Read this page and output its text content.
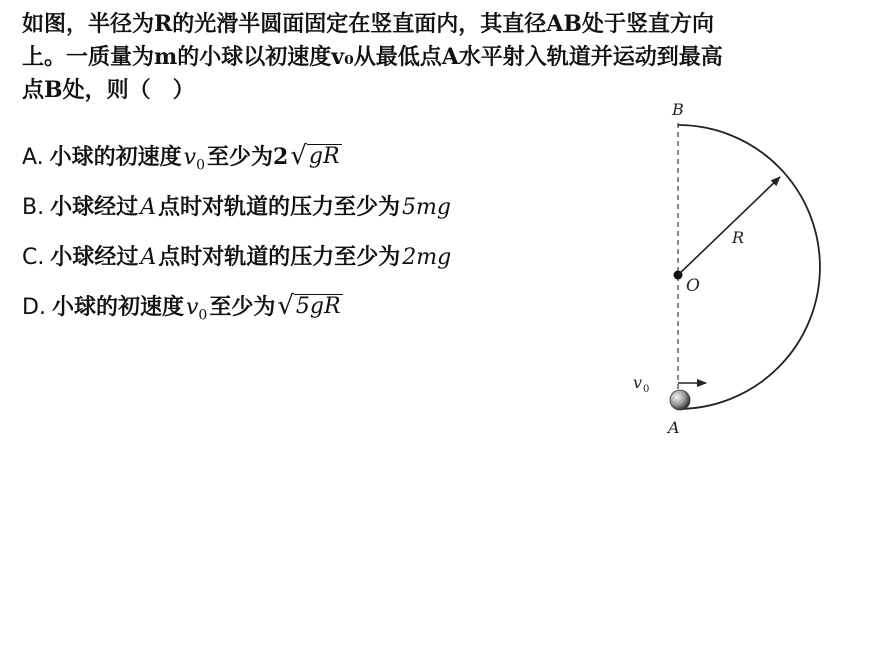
如图，半径为R的光滑半圆面固定在竖直面内，其直径AB处于竖直方向
上。一质量为m的小球以初速度v₀从最低点A水平射入轨道并运动到最高
点B处，则（　）
A. 小球的初速度 $v_0$ 至少为2 √ gR
B. 小球经过 A 点时对轨道的压力至少为 5mg
C. 小球经过 A 点时对轨道的压力至少为 2mg
D. 小球的初速度 $v_0$ 至少为 √ 5gR
B
R
O
v 0
A
